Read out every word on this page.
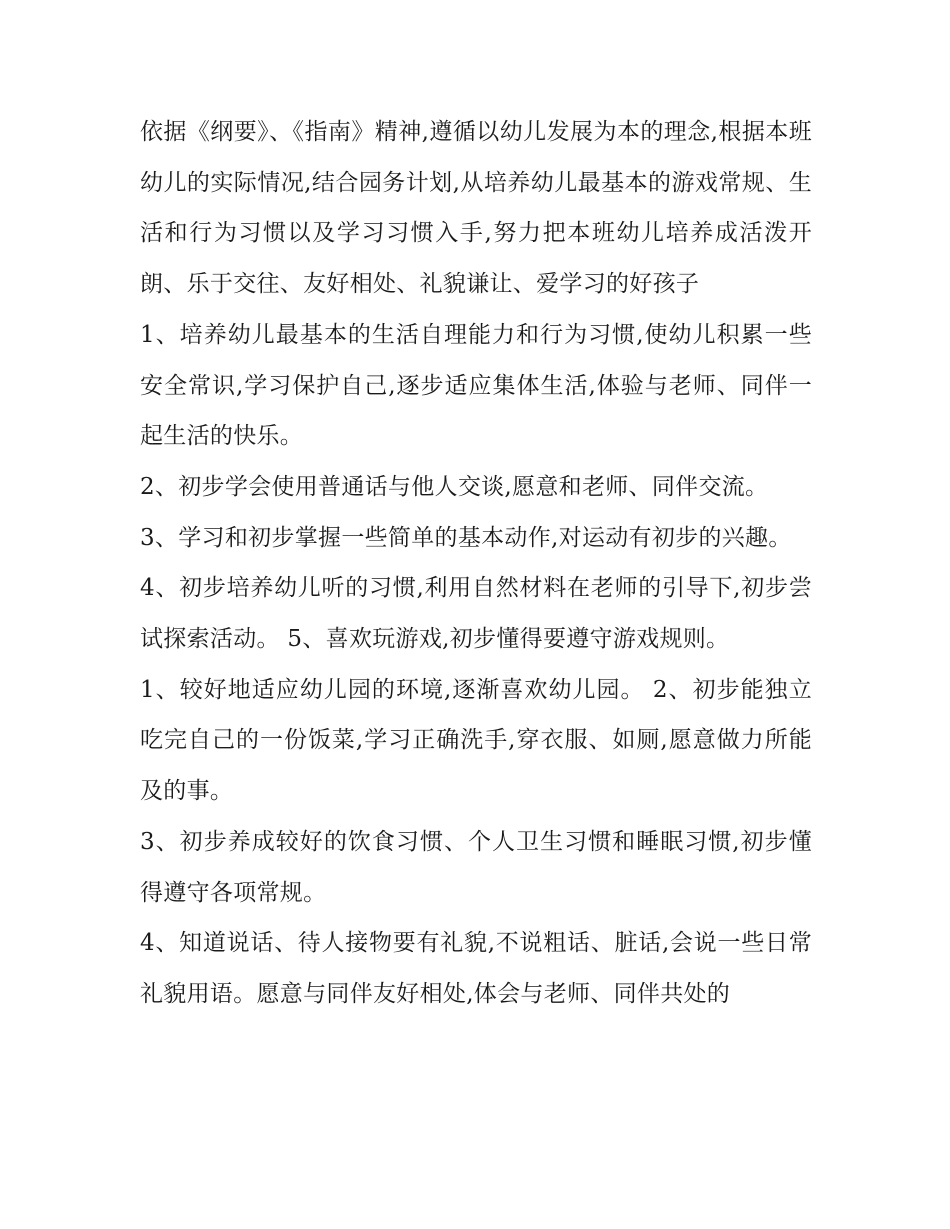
依据《纲要》、《指南》精神,遵循以幼儿发展为本的理念,根据本班幼儿的实际情况,结合园务计划,从培养幼儿最基本的游戏常规、生活和行为习惯以及学习习惯入手,努力把本班幼儿培养成活泼开朗、乐于交往、友好相处、礼貌谦让、爱学习的好孩子

1、培养幼儿最基本的生活自理能力和行为习惯,使幼儿积累一些安全常识,学习保护自己,逐步适应集体生活,体验与老师、同伴一起生活的快乐。

2、初步学会使用普通话与他人交谈,愿意和老师、同伴交流。

3、学习和初步掌握一些简单的基本动作,对运动有初步的兴趣。

4、初步培养幼儿听的习惯,利用自然材料在老师的引导下,初步尝试探索活动。 5、喜欢玩游戏,初步懂得要遵守游戏规则。

1、较好地适应幼儿园的环境,逐渐喜欢幼儿园。 2、初步能独立吃完自己的一份饭菜,学习正确洗手,穿衣服、如厕,愿意做力所能及的事。

3、初步养成较好的饮食习惯、个人卫生习惯和睡眠习惯,初步懂得遵守各项常规。

4、知道说话、待人接物要有礼貌,不说粗话、脏话,会说一些日常礼貌用语。愿意与同伴友好相处,体会与老师、同伴共处的
